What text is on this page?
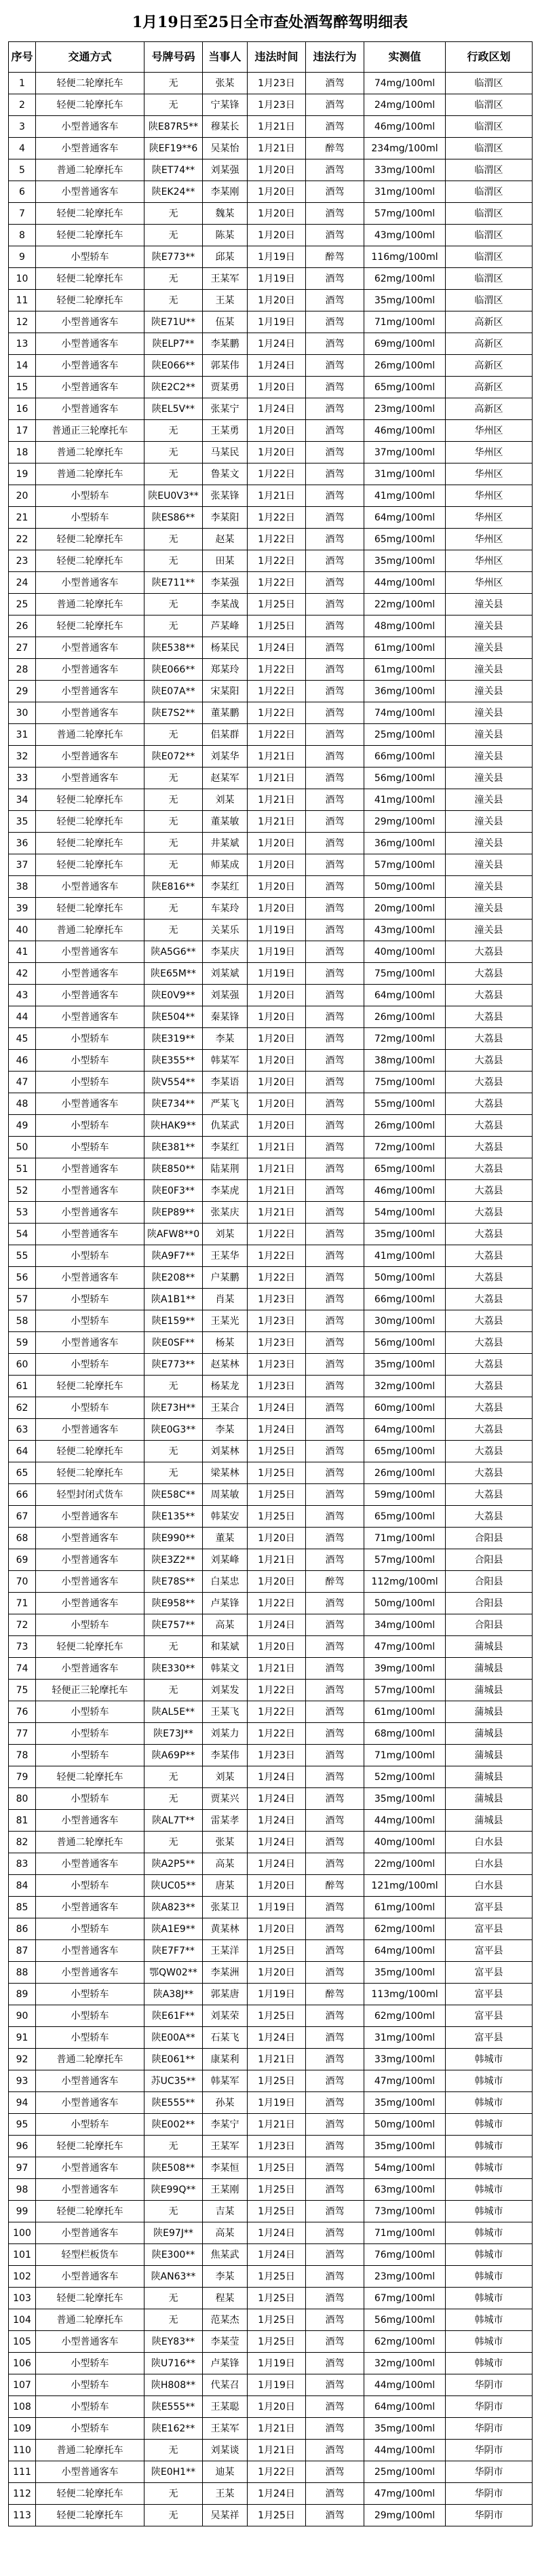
1月19日至25日全市查处酒驾醉驾明细表
序号	交通方式	号牌号码	当事人	违法时间	违法行为	实测值	行政区划
1	轻便二轮摩托车	无	张某	1月23日	酒驾	74mg/100ml	临渭区
2	轻便二轮摩托车	无	宁某锋	1月23日	酒驾	24mg/100ml	临渭区
3	小型普通客车	陕E87R5**	穆某长	1月21日	酒驾	46mg/100ml	临渭区
4	小型普通客车	陕EF19**6	吴某怡	1月21日	醉驾	234mg/100ml	临渭区
5	普通二轮摩托车	陕ET74**	刘某强	1月20日	酒驾	33mg/100ml	临渭区
6	小型普通客车	陕EK24**	李某刚	1月20日	酒驾	31mg/100ml	临渭区
7	轻便二轮摩托车	无	魏某	1月20日	酒驾	57mg/100ml	临渭区
8	轻便二轮摩托车	无	陈某	1月20日	酒驾	43mg/100ml	临渭区
9	小型轿车	陕E773**	邱某	1月19日	醉驾	116mg/100ml	临渭区
10	轻便二轮摩托车	无	王某军	1月19日	酒驾	62mg/100ml	临渭区
11	轻便二轮摩托车	无	王某	1月20日	酒驾	35mg/100ml	临渭区
12	小型普通客车	陕E71U**	伍某	1月19日	酒驾	71mg/100ml	高新区
13	小型普通客车	陕ELP7**	李某鹏	1月24日	酒驾	69mg/100ml	高新区
14	小型普通客车	陕E066**	郭某伟	1月24日	酒驾	26mg/100ml	高新区
15	小型普通客车	陕E2C2**	贾某勇	1月20日	酒驾	65mg/100ml	高新区
16	小型普通客车	陕EL5V**	张某宁	1月24日	酒驾	23mg/100ml	高新区
17	普通正三轮摩托车	无	王某勇	1月20日	酒驾	46mg/100ml	华州区
18	普通二轮摩托车	无	马某民	1月20日	酒驾	37mg/100ml	华州区
19	普通二轮摩托车	无	鲁某文	1月22日	酒驾	31mg/100ml	华州区
20	小型轿车	陕EU0V3**	张某锋	1月21日	酒驾	41mg/100ml	华州区
21	小型轿车	陕ES86**	李某阳	1月22日	酒驾	64mg/100ml	华州区
22	轻便二轮摩托车	无	赵某	1月22日	酒驾	65mg/100ml	华州区
23	轻便二轮摩托车	无	田某	1月22日	酒驾	35mg/100ml	华州区
24	小型普通客车	陕E711**	李某强	1月22日	酒驾	44mg/100ml	华州区
25	普通二轮摩托车	无	李某战	1月25日	酒驾	22mg/100ml	潼关县
26	轻便二轮摩托车	无	芦某峰	1月25日	酒驾	48mg/100ml	潼关县
27	小型普通客车	陕E538**	杨某民	1月24日	酒驾	61mg/100ml	潼关县
28	小型普通客车	陕E066**	郑某玲	1月22日	酒驾	61mg/100ml	潼关县
29	小型普通客车	陕E07A**	宋某阳	1月22日	酒驾	36mg/100ml	潼关县
30	小型普通客车	陕E7S2**	董某鹏	1月22日	酒驾	74mg/100ml	潼关县
31	普通二轮摩托车	无	侣某群	1月22日	酒驾	25mg/100ml	潼关县
32	小型普通客车	陕E072**	刘某华	1月21日	酒驾	66mg/100ml	潼关县
33	小型普通客车	无	赵某军	1月21日	酒驾	56mg/100ml	潼关县
34	轻便二轮摩托车	无	刘某	1月21日	酒驾	41mg/100ml	潼关县
35	轻便二轮摩托车	无	董某敏	1月21日	酒驾	29mg/100ml	潼关县
36	轻便二轮摩托车	无	井某斌	1月20日	酒驾	36mg/100ml	潼关县
37	轻便二轮摩托车	无	师某成	1月20日	酒驾	57mg/100ml	潼关县
38	小型普通客车	陕E816**	李某红	1月20日	酒驾	50mg/100ml	潼关县
39	轻便二轮摩托车	无	车某玲	1月20日	酒驾	20mg/100ml	潼关县
40	普通二轮摩托车	无	关某乐	1月19日	酒驾	43mg/100ml	潼关县
41	小型普通客车	陕A5G6**	李某庆	1月19日	酒驾	40mg/100ml	大荔县
42	小型普通客车	陕E65M**	刘某斌	1月19日	酒驾	75mg/100ml	大荔县
43	小型普通客车	陕E0V9**	刘某强	1月20日	酒驾	64mg/100ml	大荔县
44	小型普通客车	陕E504**	秦某锋	1月20日	酒驾	26mg/100ml	大荔县
45	小型轿车	陕E319**	李某	1月20日	酒驾	72mg/100ml	大荔县
46	小型轿车	陕E355**	韩某军	1月20日	酒驾	38mg/100ml	大荔县
47	小型轿车	陕V554**	李某语	1月20日	酒驾	75mg/100ml	大荔县
48	小型普通客车	陕E734**	严某飞	1月20日	酒驾	55mg/100ml	大荔县
49	小型轿车	陕HAK9**	仇某武	1月20日	酒驾	26mg/100ml	大荔县
50	小型轿车	陕E381**	李某红	1月21日	酒驾	72mg/100ml	大荔县
51	小型普通客车	陕E850**	陆某荆	1月21日	酒驾	65mg/100ml	大荔县
52	小型普通客车	陕E0F3**	李某虎	1月21日	酒驾	46mg/100ml	大荔县
53	小型普通客车	陕EP89**	张某庆	1月21日	酒驾	54mg/100ml	大荔县
54	小型普通客车	陕AFW8**0	刘某	1月22日	酒驾	35mg/100ml	大荔县
55	小型轿车	陕A9F7**	王某华	1月22日	酒驾	41mg/100ml	大荔县
56	小型普通客车	陕E208**	户某鹏	1月22日	酒驾	50mg/100ml	大荔县
57	小型轿车	陕A1B1**	肖某	1月23日	酒驾	66mg/100ml	大荔县
58	小型轿车	陕E159**	王某光	1月23日	酒驾	30mg/100ml	大荔县
59	小型普通客车	陕E0SF**	杨某	1月23日	酒驾	56mg/100ml	大荔县
60	小型轿车	陕E773**	赵某林	1月23日	酒驾	35mg/100ml	大荔县
61	轻便二轮摩托车	无	杨某龙	1月23日	酒驾	32mg/100ml	大荔县
62	小型轿车	陕E73H**	王某合	1月24日	酒驾	60mg/100ml	大荔县
63	小型普通客车	陕E0G3**	李某	1月24日	酒驾	64mg/100ml	大荔县
64	轻便二轮摩托车	无	刘某林	1月25日	酒驾	65mg/100ml	大荔县
65	轻便二轮摩托车	无	梁某林	1月25日	酒驾	26mg/100ml	大荔县
66	轻型封闭式货车	陕E58C**	周某敏	1月25日	酒驾	59mg/100ml	大荔县
67	小型普通客车	陕E135**	韩某安	1月25日	酒驾	65mg/100ml	大荔县
68	小型普通客车	陕E990**	董某	1月20日	酒驾	71mg/100ml	合阳县
69	小型普通客车	陕E3Z2**	刘某峰	1月21日	酒驾	57mg/100ml	合阳县
70	小型普通客车	陕E78S**	白某忠	1月20日	醉驾	112mg/100ml	合阳县
71	小型普通客车	陕E958**	卢某锋	1月22日	酒驾	50mg/100ml	合阳县
72	小型轿车	陕E757**	高某	1月24日	酒驾	34mg/100ml	合阳县
73	轻便二轮摩托车	无	和某斌	1月20日	酒驾	47mg/100ml	蒲城县
74	小型普通客车	陕E330**	韩某文	1月21日	酒驾	39mg/100ml	蒲城县
75	轻便正三轮摩托车	无	刘某发	1月22日	酒驾	57mg/100ml	蒲城县
76	小型轿车	陕AL5E**	王某飞	1月22日	酒驾	61mg/100ml	蒲城县
77	小型轿车	陕E73J**	刘某力	1月22日	酒驾	68mg/100ml	蒲城县
78	小型轿车	陕A69P**	李某伟	1月23日	酒驾	71mg/100ml	蒲城县
79	轻便二轮摩托车	无	刘某	1月24日	酒驾	52mg/100ml	蒲城县
80	小型轿车	无	贾某兴	1月24日	酒驾	35mg/100ml	蒲城县
81	小型普通客车	陕AL7T**	雷某孝	1月24日	酒驾	44mg/100ml	蒲城县
82	普通二轮摩托车	无	张某	1月24日	酒驾	40mg/100ml	白水县
83	小型普通客车	陕A2P5**	高某	1月24日	酒驾	22mg/100ml	白水县
84	小型轿车	陕UC05**	唐某	1月20日	醉驾	121mg/100ml	白水县
85	小型普通客车	陕A823**	张某卫	1月19日	酒驾	61mg/100ml	富平县
86	小型轿车	陕A1E9**	黄某林	1月20日	酒驾	62mg/100ml	富平县
87	小型普通客车	陕E7F7**	王某洋	1月25日	酒驾	64mg/100ml	富平县
88	小型普通客车	鄂QW02**	李某洲	1月20日	酒驾	35mg/100ml	富平县
89	小型轿车	陕A38J**	郭某唐	1月19日	醉驾	113mg/100ml	富平县
90	小型轿车	陕E61F**	刘某荣	1月25日	酒驾	62mg/100ml	富平县
91	小型轿车	陕E00A**	石某飞	1月24日	酒驾	31mg/100ml	富平县
92	普通二轮摩托车	陕E061**	康某利	1月21日	酒驾	33mg/100ml	韩城市
93	小型普通客车	苏UC35**	韩某军	1月25日	酒驾	47mg/100ml	韩城市
94	小型普通客车	陕E555**	孙某	1月19日	酒驾	35mg/100ml	韩城市
95	小型轿车	陕E002**	李某宁	1月21日	酒驾	50mg/100ml	韩城市
96	轻便二轮摩托车	无	王某军	1月23日	酒驾	35mg/100ml	韩城市
97	小型普通客车	陕E508**	李某恒	1月25日	酒驾	54mg/100ml	韩城市
98	小型普通客车	陕E99Q**	王某刚	1月25日	酒驾	63mg/100ml	韩城市
99	轻便二轮摩托车	无	吉某	1月25日	酒驾	73mg/100ml	韩城市
100	小型普通客车	陕E97J**	高某	1月24日	酒驾	71mg/100ml	韩城市
101	轻型栏板货车	陕E300**	焦某武	1月24日	酒驾	76mg/100ml	韩城市
102	小型普通客车	陕AN63**	李某	1月25日	酒驾	23mg/100ml	韩城市
103	轻便二轮摩托车	无	程某	1月25日	酒驾	67mg/100ml	韩城市
104	普通二轮摩托车	无	范某杰	1月25日	酒驾	56mg/100ml	韩城市
105	小型普通客车	陕EY83**	李某莹	1月25日	酒驾	62mg/100ml	韩城市
106	小型轿车	陕U716**	卢某锋	1月19日	酒驾	32mg/100ml	韩城市
107	小型轿车	陕H808**	代某召	1月19日	酒驾	44mg/100ml	华阴市
108	小型轿车	陕E555**	王某聪	1月20日	酒驾	64mg/100ml	华阴市
109	小型轿车	陕E162**	王某军	1月21日	酒驾	35mg/100ml	华阴市
110	普通二轮摩托车	无	刘某谈	1月21日	酒驾	44mg/100ml	华阴市
111	小型普通客车	陕E0H1**	迪某	1月22日	酒驾	25mg/100ml	华阴市
112	轻便二轮摩托车	无	王某	1月24日	酒驾	47mg/100ml	华阴市
113	轻便二轮摩托车	无	吴某祥	1月25日	酒驾	29mg/100ml	华阴市
